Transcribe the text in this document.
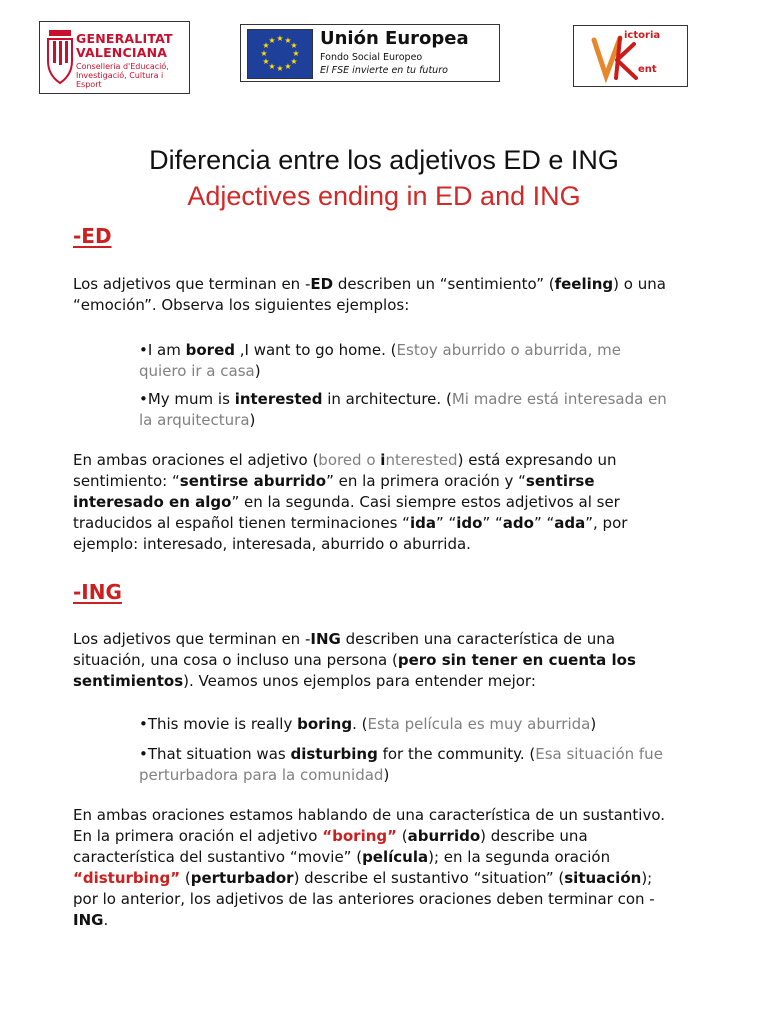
GENERALITAT
VALENCIANA
Conselleria d'Educació,
Investigació, Cultura i Esport
★ ★
★
★
★
★
★
★
★
★
★
★ Unión Europea
Fondo Social Europeo
El FSE invierte en tu futuro
ictoria
ent
Diferencia entre los adjetivos ED e ING
Adjectives ending in ED and ING
-ED
Los adjetivos que terminan en -ED describen un “sentimiento” (feeling) o una
“emoción”. Observa los siguientes ejemplos:
•I am bored ,I want to go home. (Estoy aburrido o aburrida, me
quiero ir a casa)
•My mum is interested in architecture. (Mi madre está interesada en
la arquitectura)
En ambas oraciones el adjetivo (bored o interested) está expresando un
sentimiento: “sentirse aburrido” en la primera oración y “sentirse
interesado en algo” en la segunda. Casi siempre estos adjetivos al ser
traducidos al español tienen terminaciones “ida” “ido” “ado” “ada”, por
ejemplo: interesado, interesada, aburrido o aburrida.
-ING
Los adjetivos que terminan en -ING describen una característica de una
situación, una cosa o incluso una persona (pero sin tener en cuenta los
sentimientos). Veamos unos ejemplos para entender mejor:
•This movie is really boring. (Esta película es muy aburrida)
•That situation was disturbing for the community. (Esa situación fue
perturbadora para la comunidad)
En ambas oraciones estamos hablando de una característica de un sustantivo.
En la primera oración el adjetivo “boring” (aburrido) describe una
característica del sustantivo “movie” (película); en la segunda oración
“disturbing” (perturbador) describe el sustantivo “situation” (situación);
por lo anterior, los adjetivos de las anteriores oraciones deben terminar con -
ING.
